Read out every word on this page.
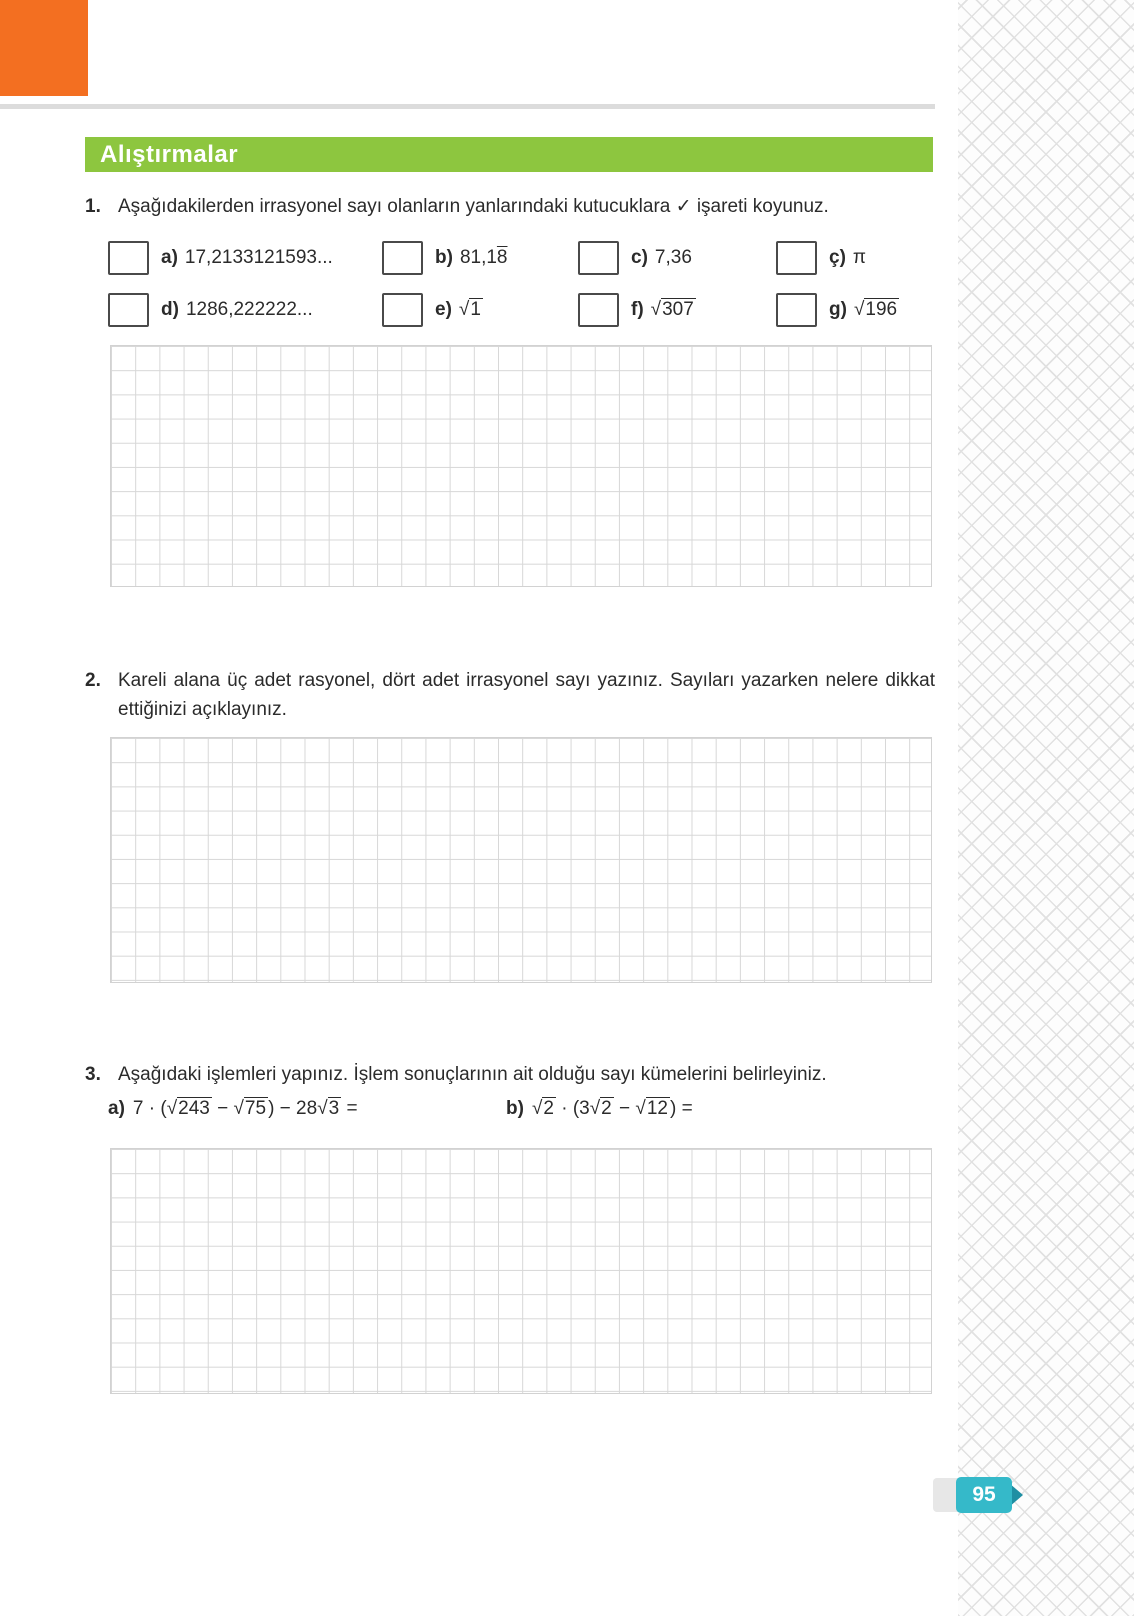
Alıştırmalar
1. Aşağıdakilerden irrasyonel sayı olanların yanlarındaki kutucuklara ✓ işareti koyunuz.
a) 17,2133121593...	b) 81,18	c) 7,36	ç) π
d) 1286,222222...	e) √1	f) √307	g) √196
2. Kareli alana üç adet rasyonel, dört adet irrasyonel sayı yazınız. Sayıları yazarken nelere dikkat ettiğinizi açıklayınız.
3. Aşağıdaki işlemleri yapınız. İşlem sonuçlarının ait olduğu sayı kümelerini belirleyiniz.
a) 7 · (√243 − √75 ) − 28√3 =	b) √2 · (3√2 − √12 ) =
95
